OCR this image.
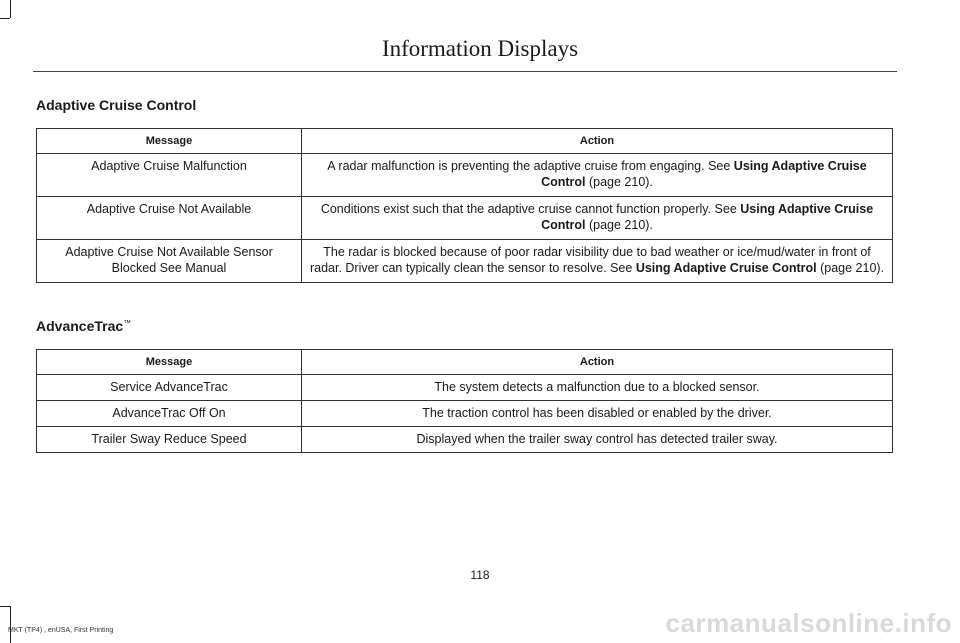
Information Displays
Adaptive Cruise Control
Message	Action
Adaptive Cruise Malfunction	A radar malfunction is preventing the adaptive cruise from engaging. See Using Adaptive Cruise Control (page 210).
Adaptive Cruise Not Available	Conditions exist such that the adaptive cruise cannot function properly. See Using Adaptive Cruise Control (page 210).
Adaptive Cruise Not Available Sensor Blocked See Manual	The radar is blocked because of poor radar visibility due to bad weather or ice/mud/water in front of radar. Driver can typically clean the sensor to resolve. See Using Adaptive Cruise Control (page 210).
AdvanceTrac™
Message	Action
Service AdvanceTrac	The system detects a malfunction due to a blocked sensor.
AdvanceTrac Off On	The traction control has been disabled or enabled by the driver.
Trailer Sway Reduce Speed	Displayed when the trailer sway control has detected trailer sway.
118
MKT (TP4) , enUSA, First Printing	carmanualsonline.info
